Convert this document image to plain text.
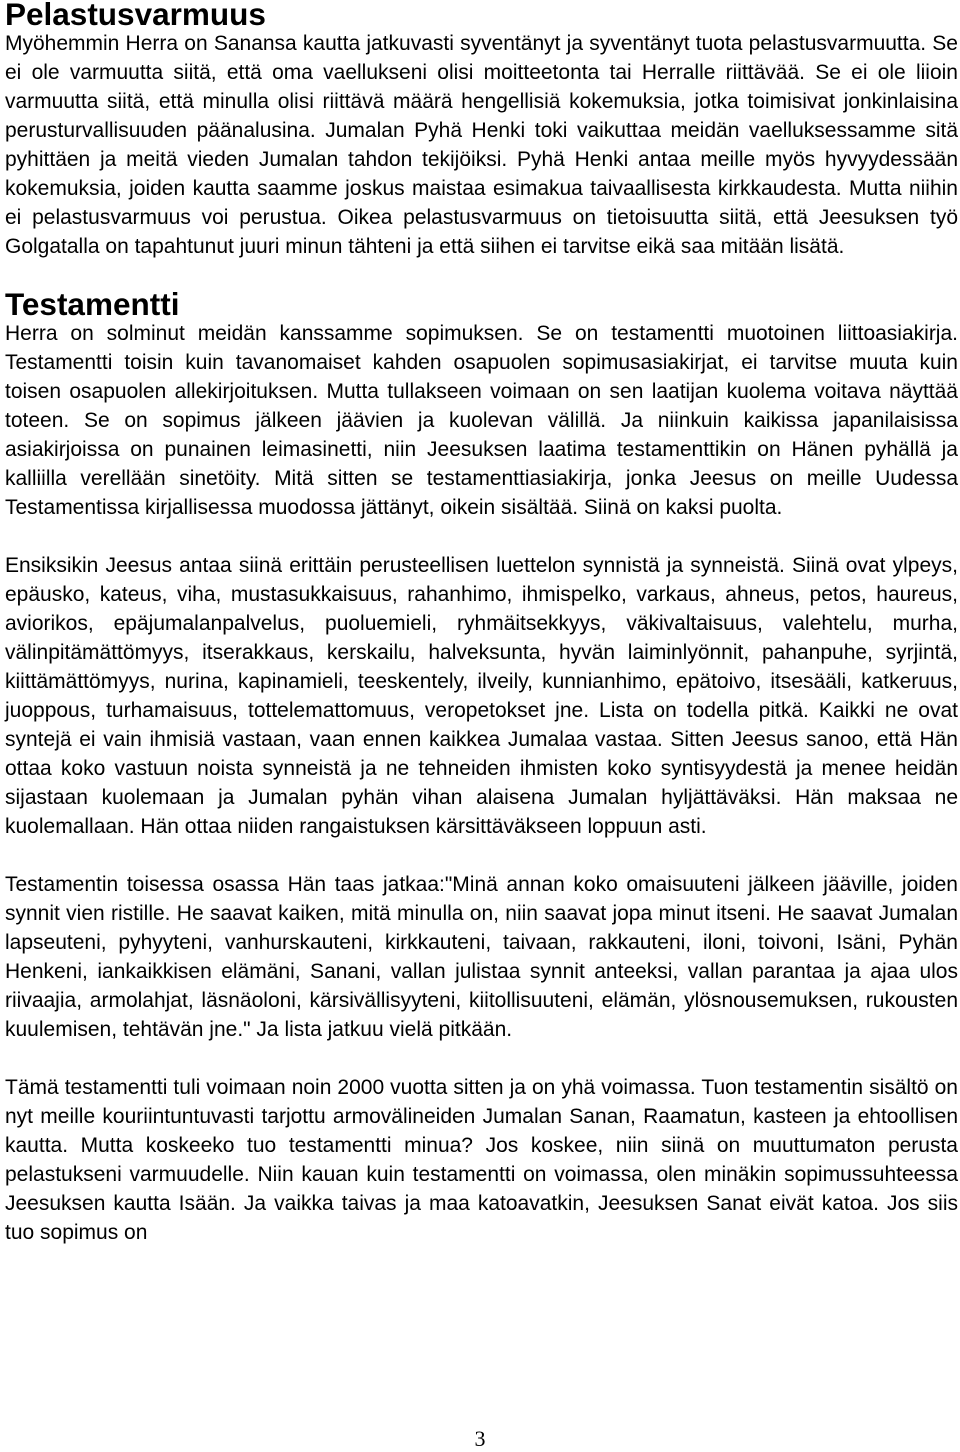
Pelastusvarmuus

Myöhemmin Herra on Sanansa kautta jatkuvasti syventänyt ja syventänyt tuota pelastusvarmuutta. Se ei ole varmuutta siitä, että oma vaellukseni olisi moitteetonta tai Herralle riittävää. Se ei ole liioin varmuutta siitä, että minulla olisi riittävä määrä hengellisiä kokemuksia, jotka toimisivat jonkinlaisina perusturvallisuuden päänalusina. Jumalan Pyhä Henki toki vaikuttaa meidän vaelluksessamme sitä pyhittäen ja meitä vieden Jumalan tahdon tekijöiksi. Pyhä Henki antaa meille myös hyvyydessään kokemuksia, joiden kautta saamme joskus maistaa esimakua taivaallisesta kirkkaudesta. Mutta niihin ei pelastusvarmuus voi perustua. Oikea pelastusvarmuus on tietoisuutta siitä, että Jeesuksen työ Golgatalla on tapahtunut juuri minun tähteni ja että siihen ei tarvitse eikä saa mitään lisätä.

Testamentti

Herra on solminut meidän kanssamme sopimuksen. Se on testamentti muotoinen liittoasiakirja. Testamentti toisin kuin tavanomaiset kahden osapuolen sopimusasiakirjat, ei tarvitse muuta kuin toisen osapuolen allekirjoituksen. Mutta tullakseen voimaan on sen laatijan kuolema voitava näyttää toteen. Se on sopimus jälkeen jäävien ja kuolevan välillä. Ja niinkuin kaikissa japanilaisissa asiakirjoissa on punainen leimasinetti, niin Jeesuksen laatima testamenttikin on Hänen pyhällä ja kalliilla verellään sinetöity. Mitä sitten se testamenttiasiakirja, jonka Jeesus on meille Uudessa Testamentissa kirjallisessa muodossa jättänyt, oikein sisältää. Siinä on kaksi puolta.

Ensiksikin Jeesus antaa siinä erittäin perusteellisen luettelon synnistä ja synneistä. Siinä ovat ylpeys, epäusko, kateus, viha, mustasukkaisuus, rahanhimo, ihmispelko, varkaus, ahneus, petos, haureus, aviorikos, epäjumalanpalvelus, puoluemieli, ryhmäitsekkyys, väkivaltaisuus, valehtelu, murha, välinpitämättömyys, itserakkaus, kerskailu, halveksunta, hyvän laiminlyönnit, pahanpuhe, syrjintä, kiittämättömyys, nurina, kapinamieli, teeskentely, ilveily, kunnianhimo, epätoivo, itsesääli, katkeruus, juoppous, turhamaisuus, tottelemattomuus, veropetokset jne. Lista on todella pitkä. Kaikki ne ovat syntejä ei vain ihmisiä vastaan, vaan ennen kaikkea Jumalaa vastaa. Sitten Jeesus sanoo, että Hän ottaa koko vastuun noista synneistä ja ne tehneiden ihmisten koko syntisyydestä ja menee heidän sijastaan kuolemaan ja Jumalan pyhän vihan alaisena Jumalan hyljättäväksi. Hän maksaa ne kuolemallaan. Hän ottaa niiden rangaistuksen kärsittäväkseen loppuun asti.

Testamentin toisessa osassa Hän taas jatkaa:"Minä annan koko omaisuuteni jälkeen jääville, joiden synnit vien ristille. He saavat kaiken, mitä minulla on, niin saavat jopa minut itseni. He saavat Jumalan lapseuteni, pyhyyteni, vanhurskauteni, kirkkauteni, taivaan, rakkauteni, iloni, toivoni, Isäni, Pyhän Henkeni, iankaikkisen elämäni, Sanani, vallan julistaa synnit anteeksi, vallan parantaa ja ajaa ulos riivaajia, armolahjat, läsnäoloni, kärsivällisyyteni, kiitollisuuteni, elämän, ylösnousemuksen, rukousten kuulemisen, tehtävän jne." Ja lista jatkuu vielä pitkään.

Tämä testamentti tuli voimaan noin 2000 vuotta sitten ja on yhä voimassa. Tuon testamentin sisältö on nyt meille kouriintuntuvasti tarjottu armovälineiden Jumalan Sanan, Raamatun, kasteen ja ehtoollisen kautta. Mutta koskeeko tuo testamentti minua? Jos koskee, niin siinä on muuttumaton perusta pelastukseni varmuudelle. Niin kauan kuin testamentti on voimassa, olen minäkin sopimussuhteessa Jeesuksen kautta Isään. Ja vaikka taivas ja maa katoavatkin, Jeesuksen Sanat eivät katoa. Jos siis tuo sopimus on

3
